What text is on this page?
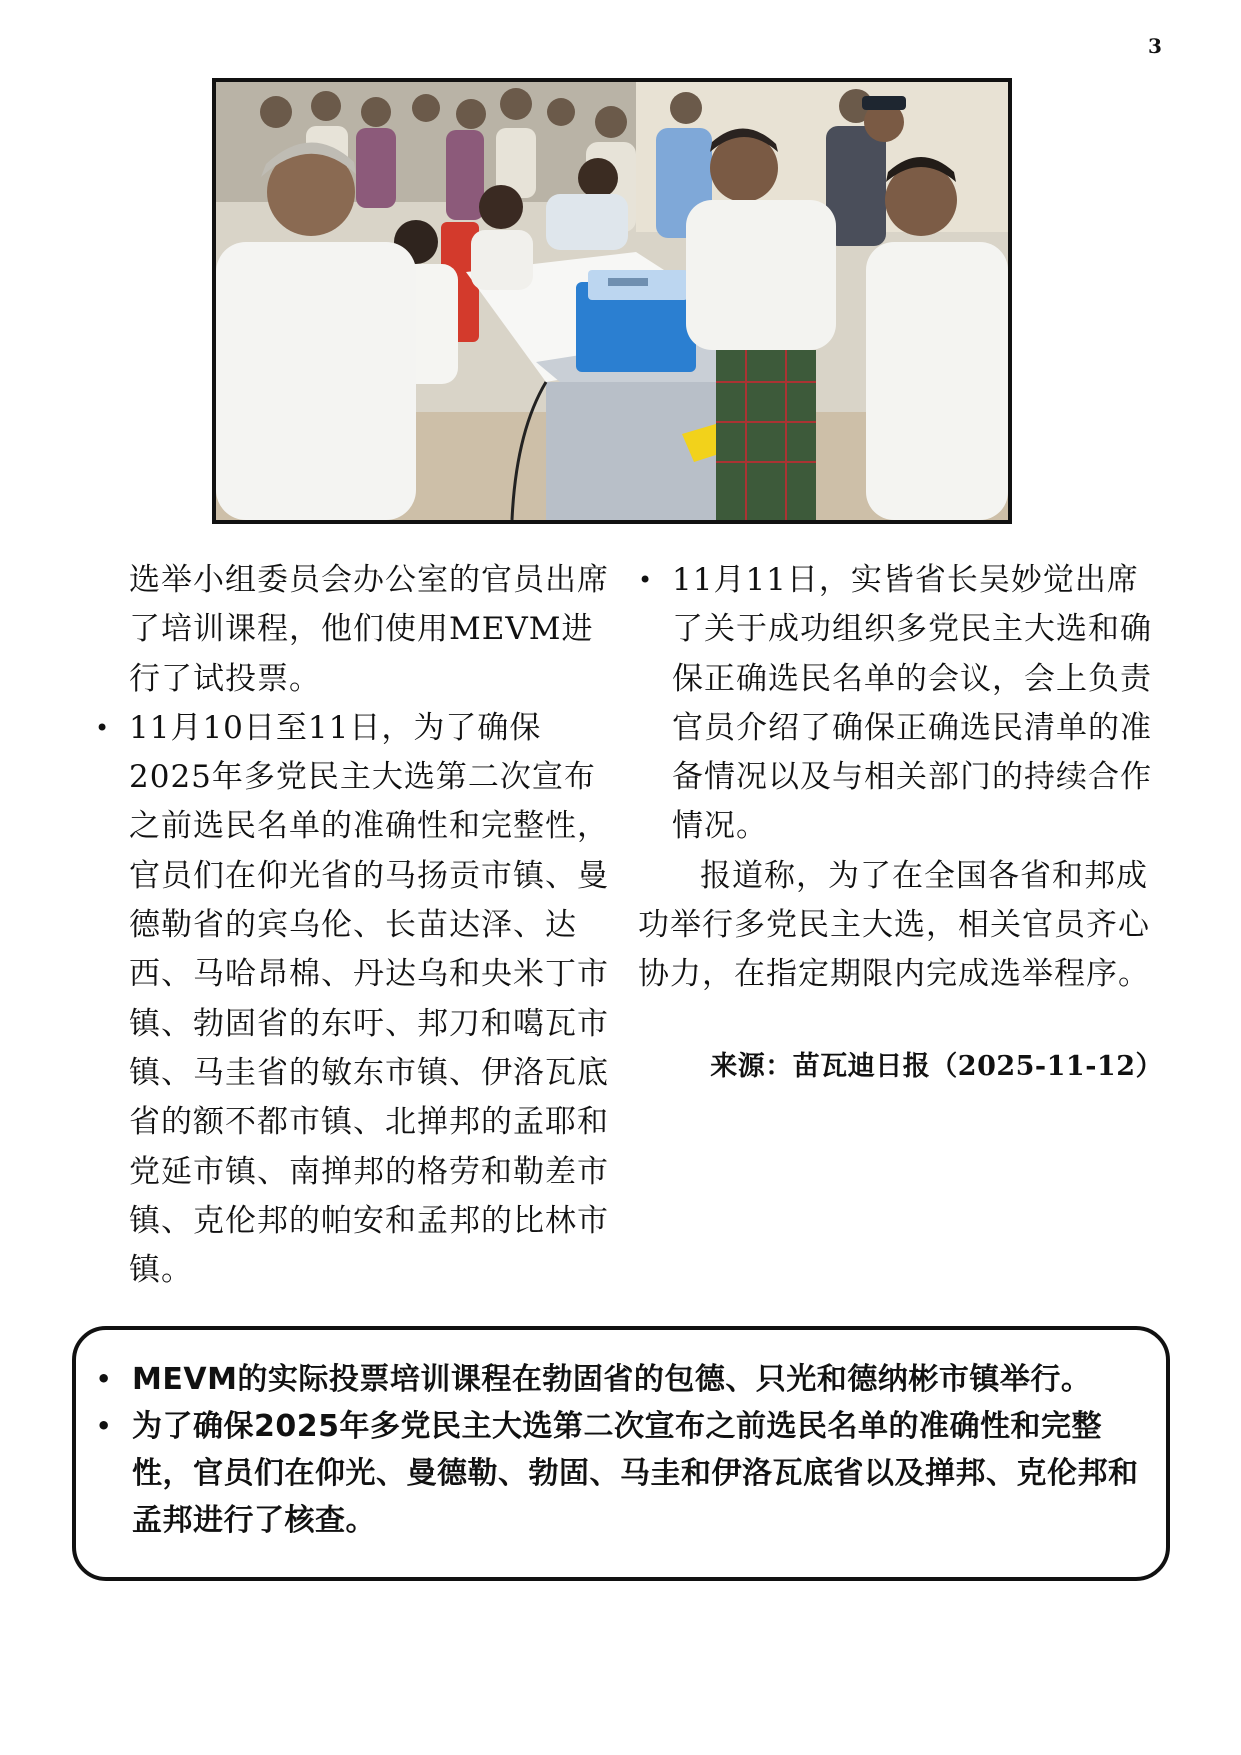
3

选举小组委员会办公室的官员出席了培训课程，他们使用MEVM进行了试投票。

• 11月10日至11日，为了确保2025年多党民主大选第二次宣布之前选民名单的准确性和完整性，官员们在仰光省的马扬贡市镇、曼德勒省的宾乌伦、长苗达泽、达西、马哈昂棉、丹达乌和央米丁市镇、勃固省的东吁、邦刀和噶瓦市镇、马圭省的敏东市镇、伊洛瓦底省的额不都市镇、北掸邦的孟耶和党延市镇、南掸邦的格劳和勒差市镇、克伦邦的帕安和孟邦的比林市镇。

• 11月11日，实皆省长吴妙觉出席了关于成功组织多党民主大选和确保正确选民名单的会议，会上负责官员介绍了确保正确选民清单的准备情况以及与相关部门的持续合作情况。

报道称，为了在全国各省和邦成功举行多党民主大选，相关官员齐心协力，在指定期限内完成选举程序。

来源：苗瓦迪日报（2025-11-12）

• MEVM的实际投票培训课程在勃固省的包德、只光和德纳彬市镇举行。

• 为了确保2025年多党民主大选第二次宣布之前选民名单的准确性和完整性，官员们在仰光、曼德勒、勃固、马圭和伊洛瓦底省以及掸邦、克伦邦和孟邦进行了核查。
